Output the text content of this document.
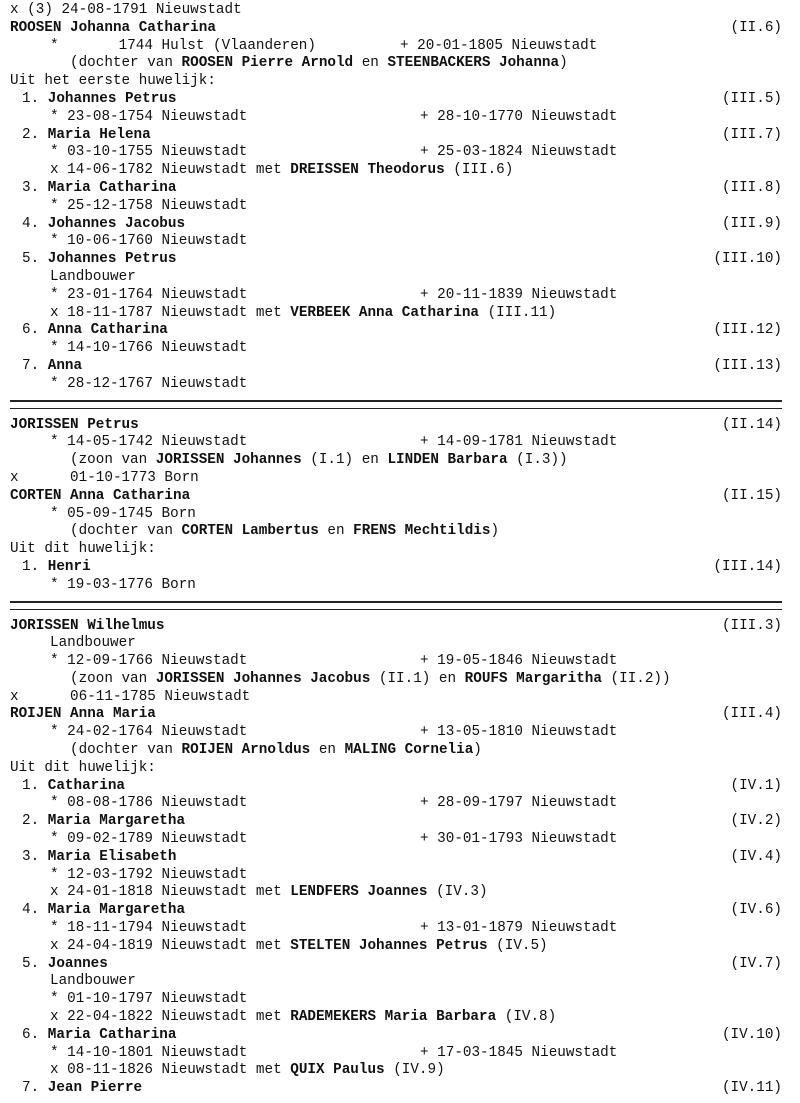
x (3) 24-08-1791 Nieuwstadt
ROOSEN Johanna Catharina	(II.6)
*       1744 Hulst (Vlaanderen)	+ 20-01-1805 Nieuwstadt
(dochter van ROOSEN Pierre Arnold en STEENBACKERS Johanna)
Uit het eerste huwelijk:
1. Johannes Petrus	(III.5)
* 23-08-1754 Nieuwstadt	+ 28-10-1770 Nieuwstadt
2. Maria Helena	(III.7)
* 03-10-1755 Nieuwstadt	+ 25-03-1824 Nieuwstadt
x 14-06-1782 Nieuwstadt met DREISSEN Theodorus (III.6)
3. Maria Catharina	(III.8)
* 25-12-1758 Nieuwstadt
4. Johannes Jacobus	(III.9)
* 10-06-1760 Nieuwstadt
5. Johannes Petrus	(III.10)
Landbouwer
* 23-01-1764 Nieuwstadt	+ 20-11-1839 Nieuwstadt
x 18-11-1787 Nieuwstadt met VERBEEK Anna Catharina (III.11)
6. Anna Catharina	(III.12)
* 14-10-1766 Nieuwstadt
7. Anna	(III.13)
* 28-12-1767 Nieuwstadt
JORISSEN Petrus	(II.14)
* 14-05-1742 Nieuwstadt	+ 14-09-1781 Nieuwstadt
(zoon van JORISSEN Johannes (I.1) en LINDEN Barbara (I.3))
x      01-10-1773 Born
CORTEN Anna Catharina	(II.15)
* 05-09-1745 Born
(dochter van CORTEN Lambertus en FRENS Mechtildis)
Uit dit huwelijk:
1. Henri	(III.14)
* 19-03-1776 Born
JORISSEN Wilhelmus	(III.3)
Landbouwer
* 12-09-1766 Nieuwstadt	+ 19-05-1846 Nieuwstadt
(zoon van JORISSEN Johannes Jacobus (II.1) en ROUFS Margaritha (II.2))
x      06-11-1785 Nieuwstadt
ROIJEN Anna Maria	(III.4)
* 24-02-1764 Nieuwstadt	+ 13-05-1810 Nieuwstadt
(dochter van ROIJEN Arnoldus en MALING Cornelia)
Uit dit huwelijk:
1. Catharina	(IV.1)
* 08-08-1786 Nieuwstadt	+ 28-09-1797 Nieuwstadt
2. Maria Margaretha	(IV.2)
* 09-02-1789 Nieuwstadt	+ 30-01-1793 Nieuwstadt
3. Maria Elisabeth	(IV.4)
* 12-03-1792 Nieuwstadt
x 24-01-1818 Nieuwstadt met LENDFERS Joannes (IV.3)
4. Maria Margaretha	(IV.6)
* 18-11-1794 Nieuwstadt	+ 13-01-1879 Nieuwstadt
x 24-04-1819 Nieuwstadt met STELTEN Johannes Petrus (IV.5)
5. Joannes	(IV.7)
Landbouwer
* 01-10-1797 Nieuwstadt
x 22-04-1822 Nieuwstadt met RADEMEKERS Maria Barbara (IV.8)
6. Maria Catharina	(IV.10)
* 14-10-1801 Nieuwstadt	+ 17-03-1845 Nieuwstadt
x 08-11-1826 Nieuwstadt met QUIX Paulus (IV.9)
7. Jean Pierre	(IV.11)
